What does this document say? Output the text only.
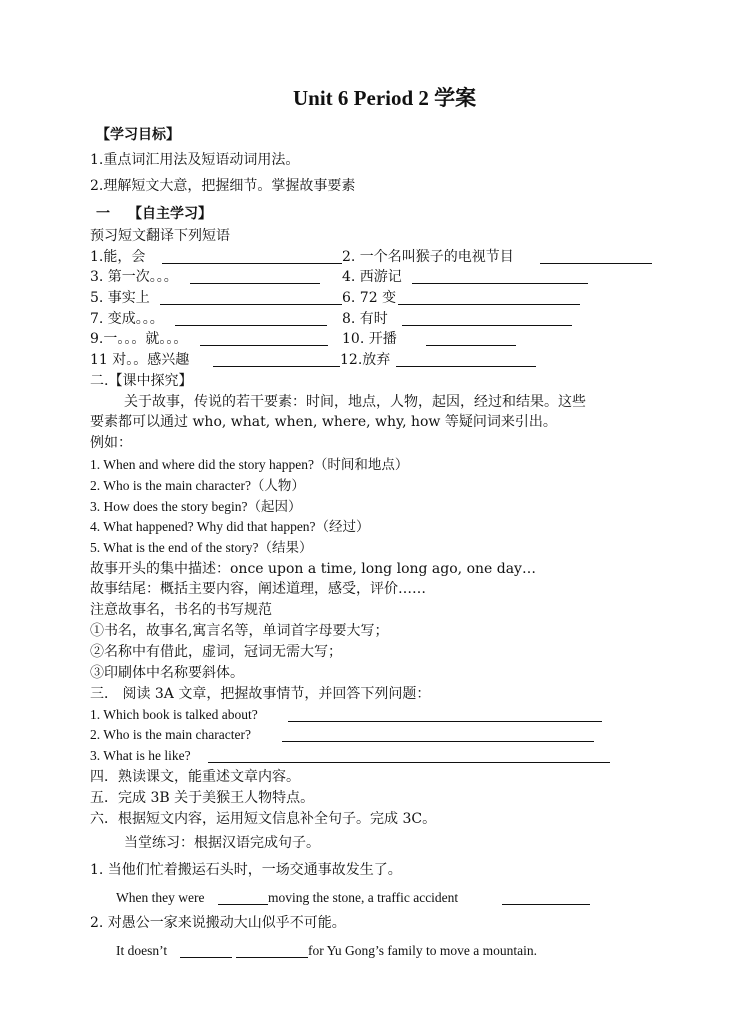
Unit 6 Period 2 学案
【学习目标】
1.重点词汇用法及短语动词用法。
2.理解短文大意，把握细节。掌握故事要素
一 【自主学习】
预习短文翻译下列短语
1.能，会	2. 一个名叫猴子的电视节目
3. 第一次。。。	4. 西游记
5. 事实上	6. 72 变
7. 变成。。。	8. 有时
9.一。。。就。。。	10. 开播
11 对。。感兴趣	12.放弃
二.【课中探究】
关于故事，传说的若干要素：时间，地点，人物，起因，经过和结果。这些
要素都可以通过 who, what, when, where, why, how 等疑问词来引出。
例如：
1. When and where did the story happen?（时间和地点）
2. Who is the main character?（人物）
3. How does the story begin?（起因）
4. What happened? Why did that happen?（经过）
5. What is the end of the story?（结果）
故事开头的集中描述：once upon a time, long long ago, one day…
故事结尾：概括主要内容，阐述道理，感受，评价……
注意故事名，书名的书写规范
①书名，故事名,寓言名等，单词首字母要大写；
②名称中有借此，虚词，冠词无需大写；
③印刷体中名称要斜体。
三． 阅读 3A 文章，把握故事情节，并回答下列问题：
1. Which book is talked about?
2. Who is the main character?
3. What is he like?
四．熟读课文，能重述文章内容。
五．完成 3B 关于美猴王人物特点。
六．根据短文内容，运用短文信息补全句子。完成 3C。
当堂练习：根据汉语完成句子。
1. 当他们忙着搬运石头时，一场交通事故发生了。
When they were	moving the stone, a traffic accident
2. 对愚公一家来说搬动大山似乎不可能。
It doesn’t	for Yu Gong’s family to move a mountain.
